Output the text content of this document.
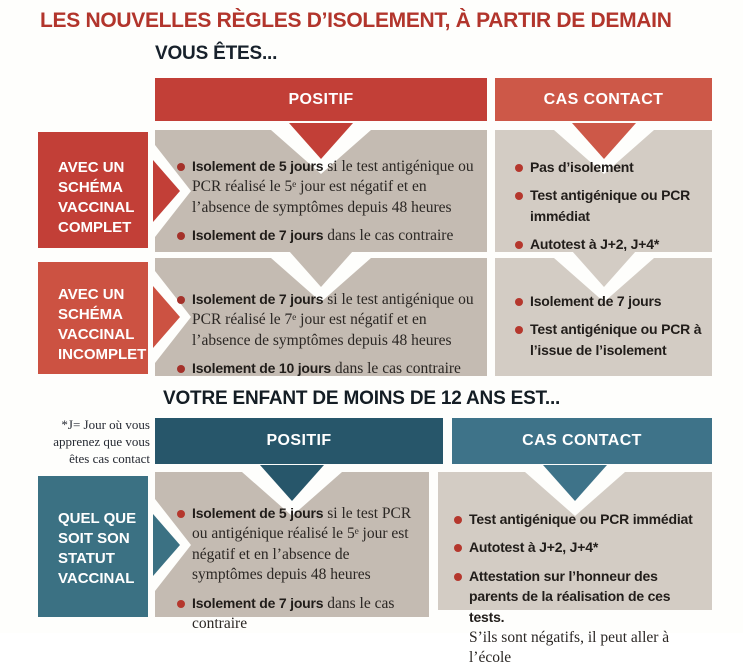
LES NOUVELLES RÈGLES D’ISOLEMENT, À PARTIR DE DEMAIN
VOUS ÊTES...
POSITIF	CAS CONTACT
AVEC UN SCHÉMA VACCINAL COMPLET
AVEC UN SCHÉMA VACCINAL INCOMPLET
Isolement de 5 jours si le test antigénique ou PCR réalisé le 5ᵉ jour est négatif et en l’absence de symptômes depuis 48 heures
Isolement de 7 jours dans le cas contraire
Pas d’isolement
Test antigénique ou PCR immédiat
Autotest à J+2, J+4*
Isolement de 7 jours si le test antigénique ou PCR réalisé le 7ᵉ jour est négatif et en l’absence de symptômes depuis 48 heures
Isolement de 10 jours dans le cas contraire
Isolement de 7 jours
Test antigénique ou PCR à l’issue de l’isolement
VOTRE ENFANT DE MOINS DE 12 ANS EST...
*J= Jour où vous apprenez que vous êtes cas contact
POSITIF	CAS CONTACT
QUEL QUE SOIT SON STATUT VACCINAL
Isolement de 5 jours si le test PCR ou antigénique réalisé le 5ᵉ jour est négatif et en l’absence de symptômes depuis 48 heures
Isolement de 7 jours dans le cas contraire
Test antigénique ou PCR immédiat
Autotest à J+2, J+4*
Attestation sur l’honneur des parents de la réalisation de ces tests.
S’ils sont négatifs, il peut aller à l’école
